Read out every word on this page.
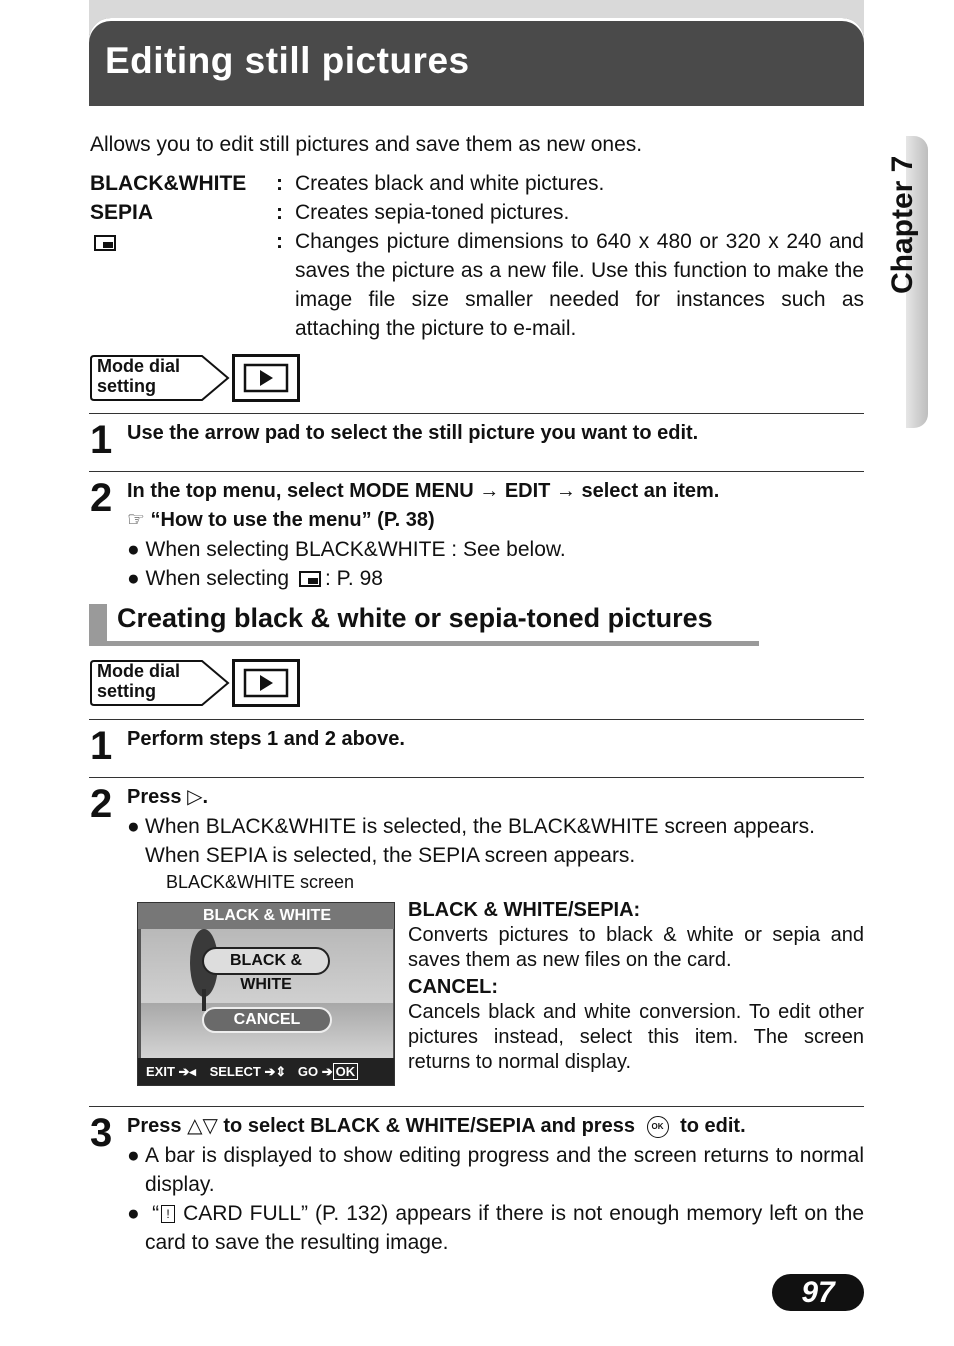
Editing still pictures
Chapter 7
Allows you to edit still pictures and save them as new ones.
BLACK&WHITE : Creates black and white pictures.
SEPIA	: Creates sepia-toned pictures.
: Changes picture dimensions to 640 x 480 or 320 x 240 and saves the picture as a new file. Use this function to make the image file size smaller needed for instances such as attaching the picture to e-mail.
Mode dial
setting
1 Use the arrow pad to select the still picture you want to edit.
2 In the top menu, select MODE MENU → EDIT → select an item.
☞ “How to use the menu” (P. 38)
● When selecting BLACK&WHITE : See below.
● When selecting : P. 98
Creating black & white or sepia-toned pictures
Mode dial
setting
1 Perform steps 1 and 2 above.
2 Press ▷.
● When BLACK&WHITE is selected, the BLACK&WHITE screen appears. When SEPIA is selected, the SEPIA screen appears.
BLACK&WHITE screen
BLACK & WHITE
BLACK & WHITE
CANCEL
EXIT ➔◂ SELECT ➔⇕ GO ➔ OK
BLACK & WHITE/SEPIA:
Converts pictures to black & white or sepia and saves them as new files on the card.
CANCEL:
Cancels black and white conversion. To edit other pictures instead, select this item. The screen returns to normal display.
3 Press △▽ to select BLACK & WHITE/SEPIA and press OK to edit.
● A bar is displayed to show editing progress and the screen returns to normal display.
● “ ! CARD FULL” (P. 132) appears if there is not enough memory left on the card to save the resulting image.
97
